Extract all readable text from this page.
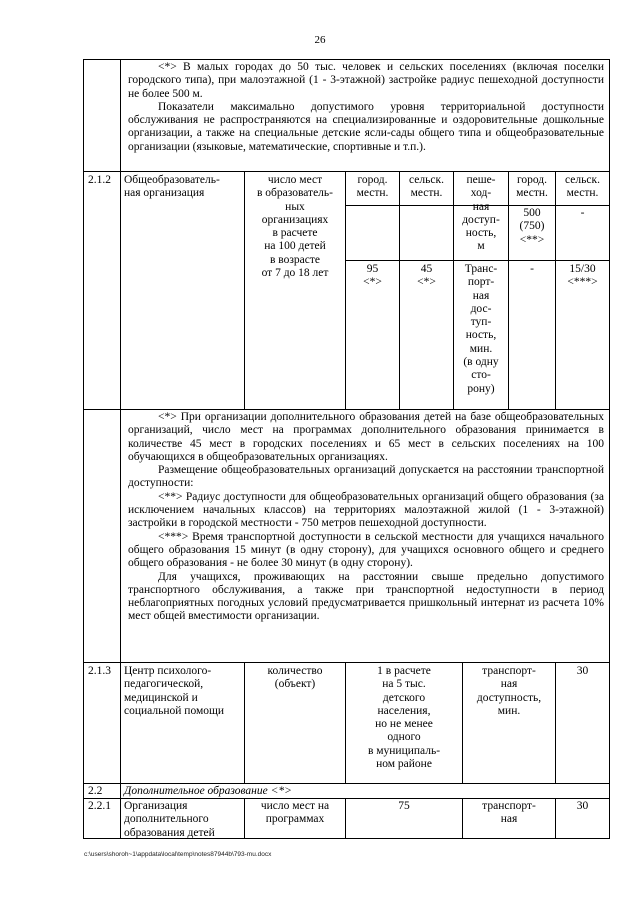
26

<*> В малых городах до 50 тыс. человек и сельских поселениях (включая поселки городского типа), при малоэтажной (1 - 3-этажной) застройке радиус пешеходной доступности не более 500 м.

Показатели максимально допустимого уровня территориальной доступности обслуживания не распространяются на специализированные и оздоровительные дошкольные организации, а также на специальные детские ясли-сады общего типа и общеобразовательные организации (языковые, математические, спортивные и т.п.).

2.1.2 Общеобразователь-
ная организация
число мест
в образователь-
ных
организациях
в расчете
на 100 детей
в возрасте
от 7 до 18 лет
город.
местн.
сельск.
местн.
пеше-
ход-
ная
доступ-
ность,
м
город.
местн.
сельск.
местн.
500
(750)
<**>
-
95
<*>
45
<*>
Транс-
порт-
ная
дос-
туп-
ность,
мин.
(в одну
сто-
рону)
-	15/30
<***>

<*> При организации дополнительного образования детей на базе общеобразовательных организаций, число мест на программах дополнительного образования принимается в количестве 45 мест в городских поселениях и 65 мест в сельских поселениях на 100 обучающихся в общеобразовательных организациях.

Размещение общеобразовательных организаций допускается на расстоянии транспортной доступности:

<**> Радиус доступности для общеобразовательных организаций общего образования (за исключением начальных классов) на территориях малоэтажной жилой (1 - 3-этажной) застройки в городской местности - 750 метров пешеходной доступности.

<***> Время транспортной доступности в сельской местности для учащихся начального общего образования 15 минут (в одну сторону), для учащихся основного общего и среднего общего образования - не более 30 минут (в одну сторону).

Для учащихся, проживающих на расстоянии свыше предельно допустимого транспортного обслуживания, а также при транспортной недоступности в период неблагоприятных погодных условий предусматривается пришкольный интернат из расчета 10% мест общей вместимости организации.

2.1.3 Центр психолого-
педагогической,
медицинской и
социальной помощи
количество
(объект)
1 в расчете
на 5 тыс.
детского
населения,
но не менее
одного
в муниципаль-
ном районе
транспорт-
ная
доступность,
мин.
30
2.2 Дополнительное образование <*>
2.2.1 Организация
дополнительного
образования детей
число мест на
программах
75	транспорт-
ная
30
c:\users\shoroh~1\appdata\local\temp\notes87944b\793-mu.docx
